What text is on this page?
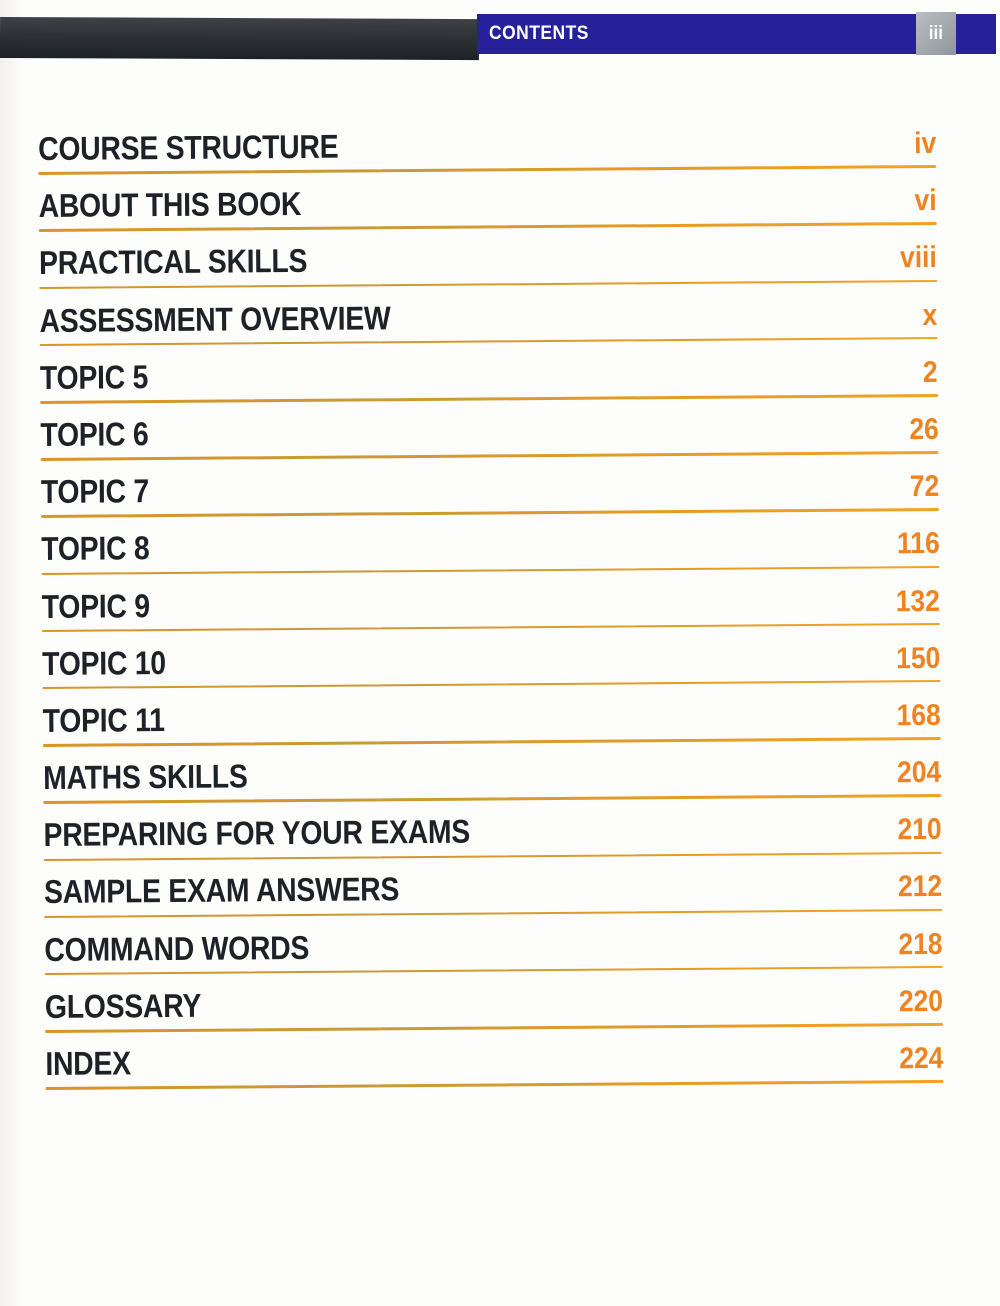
CONTENTS	iii
COURSE STRUCTURE	iv
ABOUT THIS BOOK	vi
PRACTICAL SKILLS	viii
ASSESSMENT OVERVIEW	x
TOPIC 5	2
TOPIC 6	26
TOPIC 7	72
TOPIC 8	116
TOPIC 9	132
TOPIC 10	150
TOPIC 11	168
MATHS SKILLS	204
PREPARING FOR YOUR EXAMS	210
SAMPLE EXAM ANSWERS	212
COMMAND WORDS	218
GLOSSARY	220
INDEX	224
